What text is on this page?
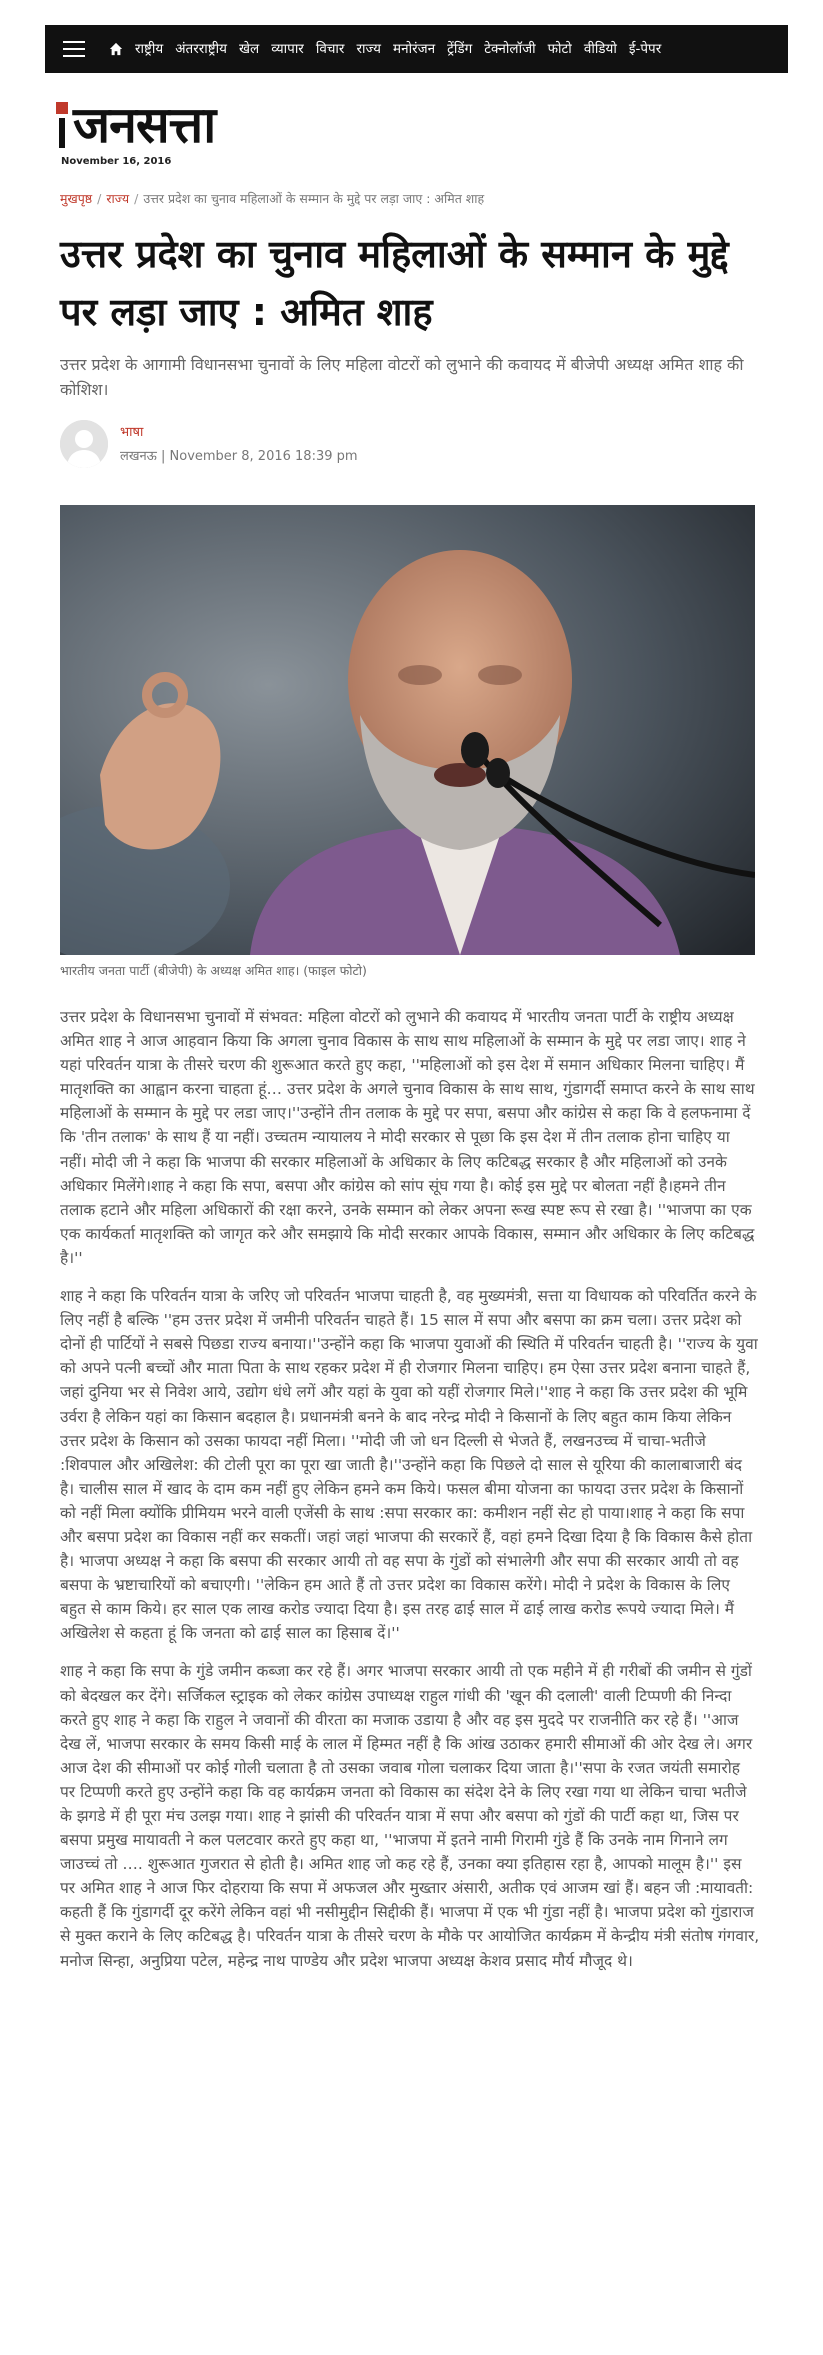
राष्ट्रीय अंतरराष्ट्रीय खेल व्यापार विचार राज्य मनोरंजन ट्रेंडिंग टेक्नोलॉजी फोटो वीडियो ई-पेपर
जनसत्ता
November 16, 2016
मुखपृष्ठ / राज्य / उत्तर प्रदेश का चुनाव महिलाओं के सम्मान के मुद्दे पर लड़ा जाए : अमित शाह
उत्तर प्रदेश का चुनाव महिलाओं के सम्मान के मुद्दे पर लड़ा जाए : अमित शाह
उत्तर प्रदेश के आगामी विधानसभा चुनावों के लिए महिला वोटरों को लुभाने की कवायद में बीजेपी अध्यक्ष अमित शाह की कोशिश।
भाषा
लखनऊ | November 8, 2016 18:39 pm
भारतीय जनता पार्टी (बीजेपी) के अध्यक्ष अमित शाह। (फाइल फोटो)

उत्तर प्रदेश के विधानसभा चुनावों में संभवत: महिला वोटरों को लुभाने की कवायद में भारतीय जनता पार्टी के राष्ट्रीय अध्यक्ष अमित शाह ने आज आहवान किया कि अगला चुनाव विकास के साथ साथ महिलाओं के सम्मान के मुद्दे पर लडा जाए। शाह ने यहां परिवर्तन यात्रा के तीसरे चरण की शुरूआत करते हुए कहा, ''महिलाओं को इस देश में समान अधिकार मिलना चाहिए। मैं मातृशक्ति का आह्वान करना चाहता हूं… उत्तर प्रदेश के अगले चुनाव विकास के साथ साथ, गुंडागर्दी समाप्त करने के साथ साथ महिलाओं के सम्मान के मुद्दे पर लडा जाए।''उन्होंने तीन तलाक के मुद्दे पर सपा, बसपा और कांग्रेस से कहा कि वे हलफनामा दें कि 'तीन तलाक' के साथ हैं या नहीं। उच्चतम न्यायालय ने मोदी सरकार से पूछा कि इस देश में तीन तलाक होना चाहिए या नहीं। मोदी जी ने कहा कि भाजपा की सरकार महिलाओं के अधिकार के लिए कटिबद्ध सरकार है और महिलाओं को उनके अधिकार मिलेंगे।शाह ने कहा कि सपा, बसपा और कांग्रेस को सांप सूंघ गया है। कोई इस मुद्दे पर बोलता नहीं है।हमने तीन तलाक हटाने और महिला अधिकारों की रक्षा करने, उनके सम्मान को लेकर अपना रूख स्पष्ट रूप से रखा है। ''भाजपा का एक एक कार्यकर्ता मातृशक्ति को जागृत करे और समझाये कि मोदी सरकार आपके विकास, सम्मान और अधिकार के लिए कटिबद्ध है।''

शाह ने कहा कि परिवर्तन यात्रा के जरिए जो परिवर्तन भाजपा चाहती है, वह मुख्यमंत्री, सत्ता या विधायक को परिवर्तित करने के लिए नहीं है बल्कि ''हम उत्तर प्रदेश में जमीनी परिवर्तन चाहते हैं। 15 साल में सपा और बसपा का क्रम चला। उत्तर प्रदेश को दोनों ही पार्टियों ने सबसे पिछडा राज्य बनाया।''उन्होंने कहा कि भाजपा युवाओं की स्थिति में परिवर्तन चाहती है। ''राज्य के युवा को अपने पत्नी बच्चों और माता पिता के साथ रहकर प्रदेश में ही रोजगार मिलना चाहिए। हम ऐसा उत्तर प्रदेश बनाना चाहते हैं, जहां दुनिया भर से निवेश आये, उद्योग धंधे लगें और यहां के युवा को यहीं रोजगार मिले।''शाह ने कहा कि उत्तर प्रदेश की भूमि उर्वरा है लेकिन यहां का किसान बदहाल है। प्रधानमंत्री बनने के बाद नरेन्द्र मोदी ने किसानों के लिए बहुत काम किया लेकिन उत्तर प्रदेश के किसान को उसका फायदा नहीं मिला। ''मोदी जी जो धन दिल्ली से भेजते हैं, लखनउच्च में चाचा-भतीजे :शिवपाल और अखिलेश: की टोली पूरा का पूरा खा जाती है।''उन्होंने कहा कि पिछले दो साल से यूरिया की कालाबाजारी बंद है। चालीस साल में खाद के दाम कम नहीं हुए लेकिन हमने कम किये। फसल बीमा योजना का फायदा उत्तर प्रदेश के किसानों को नहीं मिला क्योंकि प्रीमियम भरने वाली एजेंसी के साथ :सपा सरकार का: कमीशन नहीं सेट हो पाया।शाह ने कहा कि सपा और बसपा प्रदेश का विकास नहीं कर सकतीं। जहां जहां भाजपा की सरकारें हैं, वहां हमने दिखा दिया है कि विकास कैसे होता है। भाजपा अध्यक्ष ने कहा कि बसपा की सरकार आयी तो वह सपा के गुंडों को संभालेगी और सपा की सरकार आयी तो वह बसपा के भ्रष्टाचारियों को बचाएगी। ''लेकिन हम आते हैं तो उत्तर प्रदेश का विकास करेंगे। मोदी ने प्रदेश के विकास के लिए बहुत से काम किये। हर साल एक लाख करोड ज्यादा दिया है। इस तरह ढाई साल में ढाई लाख करोड रूपये ज्यादा मिले। मैं अखिलेश से कहता हूं कि जनता को ढाई साल का हिसाब दें।''

शाह ने कहा कि सपा के गुंडे जमीन कब्जा कर रहे हैं। अगर भाजपा सरकार आयी तो एक महीने में ही गरीबों की जमीन से गुंडों को बेदखल कर देंगे। सर्जिकल स्ट्राइक को लेकर कांग्रेस उपाध्यक्ष राहुल गांधी की 'खून की दलाली' वाली टिप्पणी की निन्दा करते हुए शाह ने कहा कि राहुल ने जवानों की वीरता का मजाक उडाया है और वह इस मुददे पर राजनीति कर रहे हैं। ''आज देख लें, भाजपा सरकार के समय किसी माई के लाल में हिम्मत नहीं है कि आंख उठाकर हमारी सीमाओं की ओर देख ले। अगर आज देश की सीमाओं पर कोई गोली चलाता है तो उसका जवाब गोला चलाकर दिया जाता है।''सपा के रजत जयंती समारोह पर टिप्पणी करते हुए उन्होंने कहा कि वह कार्यक्रम जनता को विकास का संदेश देने के लिए रखा गया था लेकिन चाचा भतीजे के झगडे में ही पूरा मंच उलझ गया। शाह ने झांसी की परिवर्तन यात्रा में सपा और बसपा को गुंडों की पार्टी कहा था, जिस पर बसपा प्रमुख मायावती ने कल पलटवार करते हुए कहा था, ''भाजपा में इतने नामी गिरामी गुंडे हैं कि उनके नाम गिनाने लग जाउच्चं तो …. शुरूआत गुजरात से होती है। अमित शाह जो कह रहे हैं, उनका क्या इतिहास रहा है, आपको मालूम है।'' इस पर अमित शाह ने आज फिर दोहराया कि सपा में अफजल और मुख्तार अंसारी, अतीक एवं आजम खां हैं। बहन जी :मायावती: कहती हैं कि गुंडागर्दी दूर करेंगे लेकिन वहां भी नसीमुद्दीन सिद्दीकी हैं। भाजपा में एक भी गुंडा नहीं है। भाजपा प्रदेश को गुंडाराज से मुक्त कराने के लिए कटिबद्ध है। परिवर्तन यात्रा के तीसरे चरण के मौके पर आयोजित कार्यक्रम में केन्द्रीय मंत्री संतोष गंगवार, मनोज सिन्हा, अनुप्रिया पटेल, महेन्द्र नाथ पाण्डेय और प्रदेश भाजपा अध्यक्ष केशव प्रसाद मौर्य मौजूद थे।
